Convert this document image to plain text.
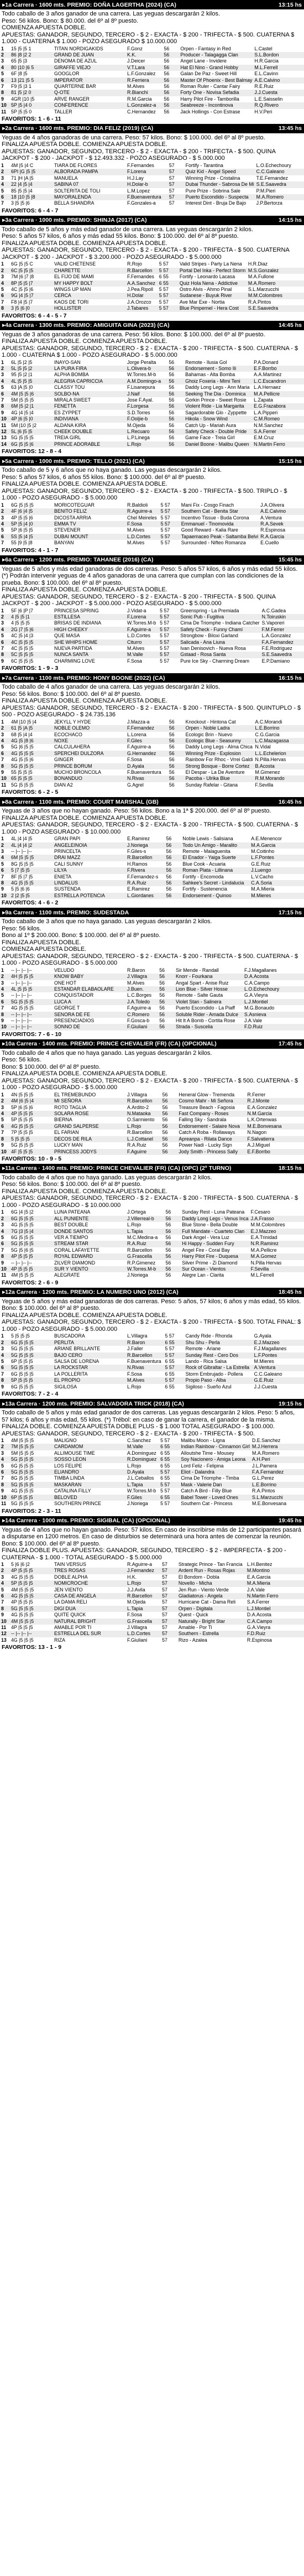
▸1a Carrera · 1600 mts. PREMIO: DOÑA LAGERTHA (2024) (CA)	13:15 hs

Todo caballo de 3 años ganador de una carrera. Las yeguas descargarán 2 kilos.

Peso: 56 kilos. Bono: $ 80.000. del 6º al 8º puesto.

COMIENZA APUESTA DOBLE.

APUESTAS: GANADOR, SEGUNDO, TERCERO - $ 2 - EXACTA - $ 200 - TRIFECTA - $ 500. CUATERNA $ 1.000 - CUATERNA $ 1.000 - POZO ASEGURADO $ 10.000.000

1	15 |5 |5 1	TITAN NORDIGAKIDS	F.Gonz	56		Orpen - Fantasy in Red	L.Castel
2	86 |8 |2 2	GRAND DE JUAN	K.K.	56		Producer - Talagagga Clan	S.L.Bordon
3	65 |5 |3	DENOMA DE AZUL	J.Deicer	56		Angel Lane - Invidere	H.R.Garcia
4	80 |10 |6 5	GIRAFFE VIEJO	V.T.Lara	56		Hat El Nino - Grand Hobby	M.L.Ferrell
5	6F |8 |5	GOOGLOR	L.F.Gonzalez	56		Galan De Paz - Sweet Hill	E.L.Cavinn
6	13 |21 |5 5	IMPERATOR	R.Ferriera	56		Master Of Phoenix - Best Balmay	A.E.Calvino
7	F9 |5 |3 1	QUARTERNE BAR	M.Alves	56		Roman Ruler - Cantar Fairy	R.E.Ruiz
8	81 |5 |2 0	Q-OTE	R.Bianchi	56		Forty One - Novisa Sefadia	J.J.Cuesta
9	4GR |10 |5	ARVE RANGER	R.M.Garcia	56		Harry Pilot Fire - Tamborilla	L.E.Saisselin
10	5P |5 |4 0	CONFERENCE	L.Gonzalez-a	56		Seabreeze - Incontinova	R.Q.Rivero
11	5P |5 |5 0	TALLER	C.Hernandez	56		Jack Hollings - Con Estrase	H.V.Peri
FAVORITOS: 1 - 6 - 11
▸2a Carrera · 1600 mts. PREMIO: DIA FELIZ (2019) (CA)	13:45 hs

Yeguas de 4 años ganadoras de una carrera. Peso: 57 kilos. Bono: $ 100.000. del 6º al 8º puesto.

FINALIZA APUESTA DOBLE. COMIENZA APUESTA DOBLE.

APUESTAS: GANADOR, SEGUNDO, TERCERO - $ 2 - EXACTA - $ 200 - TRIFECTA - $ 500. QUINA JACKPOT - $ 200 - JACKPOT - $ 12.493.332 - POZO ASEGURADO - $ 5.000.000

1	4M |5 |4 C	TIARA DE FLORES	F.Fernandes	57		Fortify - Tarantina	L.O.Echechoury
2	6PI |G |5 |5	ALBORADA PAMPA	F.Lorena	57		Quiz Kid - Angel Speed	C.C.Galeano
3	71 |H |A |5	MANUELA	H.J.Lay	57		Winning Prize - Cristalina	T.E.Fernandez
4	22 |4 |5 |4	SABINA 07	H.Dolar-b	57		Dubai Thunder - Sabrosa De Mi	S.E.Saavedra
5	85 |5 |5 |4	SOLTERITA DE TOLI	L.M.Lopez	57		Pure Prize - Sobrina Sale	P.M.Pieri
6	18 |10 |5 |8	MAYORALENDA	F.Buenaventura	57		Puerto Escondido - Suspecta	M.A.Romero
7	3 |5 |5 |6	BELLA SHANDRA	F.Gonzales-a	57		Interest Dint - Bruja De Bajo	J.P.Bertorza
FAVORITOS: 6 - 4 - 7
▸3a Carrera · 1000 mts. PREMIO: SHINJA (2017) (CA)	14:15 hs

Todo caballo de 5 años y más edad ganador de una carrera. Las yeguas descargarán 2 kilos.

Peso: 5 años 57 kilos, 6 años y más edad 55 kilos. Bono: $ 100.000. del 6º al 8º puesto.

FINALIZA APUESTA DOBLE. COMIENZA APUESTA DOBLE.

APUESTAS: GANADOR, SEGUNDO, TERCERO - $ 2 - EXACTA - $ 200 - TRIFECTA - $ 500. CUATERNA JACKPOT - $ 200 - JACKPOT - $ 3.200.000 - POZO ASEGURADO - $ 5.000.000

1	6G |5 |5 C	VALID CHETENSE	R.Rojo	5 57		Valid Stripes - Party La Nena	H.R.Diaz
2	6C |5 |5 |5	CHARETTE	R.Barcellon	5 57		Portal Del Inka - Perfect Storm	M.S.Gonzalez
3	7M |6 |7 |8	EL FIJO DE MAMI	F.Fernandes	6 55		Fortify - Leonardo Lacasa	M.A.Fullone
4	8P |5 |5 |7	MY HAPPY BOLT	A.A.Sanchez	6 55		Quiz Hola Nena - Addictive	M.A.Romero
5	4C |5 |5 |6	WINGS UP MAN	J.Pea.Ripoll	5 57		Ostro Alvis - Ahmo Pinal	S.L.Marzucchi
6	9G |4 |5 |7	CERCA	H.Dolar	5 57		Sudanese - Buyuk River	M.M.Colombres
7	F8 |4 |5 |7	KAOS DE TORI	J.A.Orozco	5 57		Ave Mar Exe - Nortia	R.A.Pintos
8	3 |5 |6 |0	HOLLISTER	J.Tabares	5 57		Blue Pimpernel - Hera Cost	S.E.Saavedra
FAVORITOS: 6 - 4 - 5 - 7
▸4a Carrera · 1300 mts. PREMIO: AMIGUITA GINA (2023) (CA)	14:45 hs

Yeguas de 3 años ganadoras de una carrera. Peso: 56 kilos. Bono: $ 100.000. del 6º al 8º puesto.

FINALIZA APUESTA DOBLE. COMIENZA APUESTA DOBLE.

APUESTAS: GANADOR, SEGUNDO, TERCERO - $ 2 - EXACTA - $ 200 - TRIFECTA - $ 500. CUATERNA - $ 1.000 - CUATERNA $ 1.000 - POZO ASEGURADO - $ 5.000.000

1	6L |5 |2 |5	INAYO-SAN	Jorge Peralta	56		Remote - Ilusia Gol	P.A.Donard
2	5L |5 |5 |2	LA PURA FIRA	L.Olivera-b	56		Endorsement - Somo Ili	E.F.Borrbo
3	95 |5 |2 |1	ALPHA BOMBA	W.Torres.M-b	56		Bahamas - Alta Bomba	A.A.Martinez
4	4L |5 |5 |5	ALEGRIA CAPRICCIA	A.M.Domingo-a	56		Ghoiz Foxeria - Mimi Teni	L.C.Escandron
5	63 |A |5 |0	CLASSY TOU	F.Lisanepura	56		Daddy Long Legs - Ann Maria	L.A.Hernaez
6	4M |5 |5 |6	SOLBO-NA	J.Naif	56		Seeking The Dia - Dominica	M.A.Pellicre
7	5M |5 |5 |5	MIRALA SWEET	Jose F.Ayal.	56		Gorkin Prince - Sweet Rosie	L.Zapata
8	6M |5 |2 |1	FENETTA	F.Lorgesa	56		Violent Ride - Lia Margarita	E.G.Frazabora
9	4G |4 |5 |4	ES ZYPPET	S.D.Torres	56		Sagardorable Glo - Zyppette	L.A.Pipperi
10	4P |6 |5 |0	INDIVIANA	F.Ooljie-b	56		Hikola - Snow Wind	C.M.Romeo
11	5M |10 |5 |2	ALDANA KIRA	M.Ojeda	56		Catch Up - Mariah Aura	N.M.Sanchez
12	5L |6 |5 |5	CHEEK DOUBLE	L.Recuaro	56		Safety Check - Double Pride	S.A.Ferrer
13	5G |5 |5 |5	TREIA GIRL	L.P.Linega	56		Game Face - Treia Girl	E.M.Cruz
14	6G |5 |5 |6	PRINCE ADORABLE	L.Rojo	56		Daniel Boone - Malibu Queen	N.Martin Ferro
FAVORITOS: 12 - 8 - 4
▸5a Carrera · 1000 mts. PREMIO: TELLO (2021) (CA)	15:15 hs

Todo caballo de 5 y 6 años que no haya ganado. Las yeguas descargarán 2 kilos.

Peso: 5 años 57 kilos, 6 años 55 kilos. Bono: $ 100.000. del 6º al 8º puesto.

FINALIZA APUESTA DOBLE. COMIENZA APUESTA DOBLE.

APUESTAS: GANADOR, SEGUNDO, TERCERO - $ 2 - EXACTA - $ 200 - TRIFECTA - $ 500. TRIPLO - $ 1.000 - POZO ASEGURADO - $ 5.000.000

1	6G |5 |5 |5	MORICOTEGUAR	R.Baldioli	5 57		Mani Fix - Cosgo Finach	J.A.Olivera
2	4F |6 |4 |5	BENITO FELIZ	R.Aguirre-a	5 57		Southern Cat - Benita Star	A.E.Calvino
3	4P |5 |5 |6	DICOSTA ARRIA	Chel Meireles	5 57		Incentivo Tissue - Buda Corona	A.Ventura
4	5P |5 |4 |0	EMMA TV	F.Sosa	5 57		Emmanuel - Tinomovida	R.A.Sevek
5	5P |6 |5 |5	STEVENER	M.Alves	5 57		Good Reward - Kalia Rare	R.Espinosa
6	5S |5 |4 |5	DUBAI MOUNT	L.D.Cortes	5 57		Tapaemaceo Peak - Saltamba Belvi	R.A.Garcia
7	55 |9 |5 |8	BANYAN	M.Alves	5 57		Surrounded - Nifteo Romanza	E.Cuello
FAVORITOS: 4 - 1 - 7
▸6a Carrera · 1200 mts. PREMIO: TAHANEE (2016) (CA)	15:45 hs

Yeguas de 5 años y más edad ganadoras de dos carreras. Peso: 5 años 57 kilos, 6 años y más edad 55 kilos.

(*) Podrán intervenir yeguas de 4 años ganadoras de una carrera que cumplan con las condiciones de la prueba. Bono: $ 100.000. del 6º al 8º puesto.

FINALIZA APUESTA DOBLE. COMIENZA APUESTA DOBLE.

APUESTAS: GANADOR, SEGUNDO, TERCERO - $ 2 - EXACTA - $ 200 - TRIFECTA - $ 500. QUINA JACKPOT - $ 200 - JACKPOT - $ 5.000.000 - POZO ASEGURADO - $ 5.000.000

1	5F |6 |P |7	PRINCESA SPRING	J.Vidat-a	5 57		Greenspring - La Premiada	A.C.Gadea
2	4 |5 |5 |1	ESTILLESA	F.Lorena	5 57		Sonic Pub - Fugitiva	N.Toiruskin
3	4 |5 |5 |5	BRISAS DE INDIANA	W.Torres.M-b	5 57		Cima De Triomphe - Indiana Catcher	S.Vaporeri
4	2G |7 |5 |6	HIGH CHEEKY	F.Aguirre-a	5 57		Safety Check - Funny Chamí	F.M.Ferrer
5	4C |5 |4 |3	QUE MASA	L.D.Cortes	5 57		Strongbow - Biloxi Garland	L.A.Gonzalez
6	4C |5 |5 |5	SHE WHIPS HOME	Citurro	5 57		Salicada - Ana Liuna	F.A.Fernandez
7	4C |5 |5 |5	NUEVA PARTIDA	M.Alves	5 57		Ivan Denisovich - Nueva Rosa	F.E.Rodriguez
8	5C |5 |5 |5	NUNCA SANTA	M.Valle	5 57		Gstaad - Rosa Santa	S.E.Saavedra
9	6C |5 |5 |5	CHARMING LOVE	F.Sosa	5 57		Pure Ice Sky - Charming Dream	E.P.Damiano
FAVORITOS: 1 - 9 - 3
▸7a Carrera · 1100 mts. PREMIO: HONY BOONE (2022) (CA)	16:15 hs

Todo caballo de 4 años ganador de una carrera. Las yeguas descargarán 2 kilos.

Peso: 56 kilos. Bono: $ 100.000. del 6º al 8º puesto.

FINALIZA APUESTA DOBLE. COMIENZA APUESTA DOBLE.

APUESTAS: GANADOR, SEGUNDO, TERCERO - $ 2 - EXACTA - $ 200 - TRIFECTA - $ 500. QUINTUPLO - $ 500 - POZO ASEGURADO - $ 24.735.136

1	4M |10 |5 |4	JEKYLL Y HYDE	J.Mazza-a	56		Knockout - Hintona Cat	A.C.Morandi
2	61 |5 |A |5	NOBLE OLEMO	F.Fernandez	56		Orpen - Noble Ladra	L.E.Borrino
3	68 |5 |4 |4	ECOCHACO	L.Lorena	56		Ecologic Brin - Nuevo	C.G.Garcia
4	4G |5 |8 |6	NOXE	F.Giles	56		Ecologic Blue - Seasunny	L.C.Mazagassa
5	5G |6 |5 |5	CALCULAHERA	F.Aguirre-a	56		Daddy Long Legs - Alma Chica	N.Vidal
6	4G |5 |5 |5	SPERCHEI DULZORA	G.Hernandez	56		Winning Prize - Explosion	L.L.Echelerion
7	4G |5 |5 |6	GINGER	F.Sosa	56		Rainbow For Rhoc - Vrrei Galdi	N.Pilla.Hervas
8	5G |5 |5 |5	PRINCE BORUM	D.Ayala	56		Strong Bosque - Borre Cortez	B.Acosta
9	55 |5 |5 |5	MUCHO BRONCOLA	F.Buenaventura	56		El Despar - La De Aventure	M.Gimenez
10	65 |5 |5 |5	BONANDUO	N.Rivas	56		Pacoba - Ulrika Blue	R.M.Morando
11	5G |5 |5 |5	DIAN A2	G.Agrel	56		Sunday Rafelar - Gitana	F.Sevilla
FAVORITOS: 6 - 2 - 5
▸8a Carrera · 1100 mts. PREMIO: COURT MARSHAL (GB)	16:45 hs

Yeguas de 3 años que no hayan ganado. Peso: 56 kilos. Bono a la 1ª $ 200.000. del 6º al 8º puesto.

FINALIZA APUESTA DOBLE. COMIENZA APUESTA DOBLE.

APUESTAS: GANADOR, SEGUNDO, TERCERO - $ 2 - EXACTA - $ 200 - TRIFECTA - $ 500. CUATERNA - $ 1.000 - POZO ASEGURADO - $ 10.000.000

1	4L |4 |4 |5	GRAN PAPI	E.Ramirez	56		Noble Lewis - Salisiana	A.E.Menencor
2	4L |4 |4 |2	ANGELEINOIA	J.Noriega	56		Todo Un Amigo - Maralito	M.A.Garcia
3	-- |-- |-- |--	PRINCELTA	F.Giles-s	56		Remote - Malaguenita	M.Coitinho
4	6M |5 |5 |5	DRAI MAZZ	R.Barcellon	56		El Enador - Yaiga Suerte	L.F.Pontes
5	8G |5 |5 |5	CALI SUNNY	H.Ramos	56		Blue Cook - Acuaria	G.E.Ruiz
6	5 |7 |5 |5	LILYA	F.Rivera	56		Roman Plata - Lillinana	J.Luengo
7	8F |5 |7 |5	ENIETA	F.Fernandez-s	56		Fortify - Encomoda	L.V.Cacho
8	4G |5 |5 |5	LINDALUS	R.A.Ruiz	56		Sahkee's Secret - Lindalucia	C.A.Soria
9	5 |5 |6 |6	SUSTENDA	E.Ramirez	56		Fortify - Sustenencia	M.A.Mieria
10	2 |2 |5 |5	ESTRELLA POTENCIA	L.Giordanes	56		Endorsement - Quinoo	M.Mieres
FAVORITOS: 4 - 6 - 2
▸9a Carrera · 1100 mts. PREMIO: SUDESTADA	17:15 hs

Todo caballo de 3 años que no haya ganado. Las yeguas descargarán 2 kilos.

Peso: 56 kilos.

Bono al 1º $ 200.000. Bono: $ 100.000. del 6º al 8º puesto.

FINALIZA APUESTA DOBLE.

COMIENZA APUESTA DOBLE.

APUESTAS: GANADOR, SEGUNDO, TERCERO - $ 2 - EXACTA - $ 200 - TRIFECTA - $ 500. CUATERNA - $ 1.000 - POZO ASEGURADO - $ 5.000.000

1	-- |-- |-- |--	VELUDO	R.Baron	56		Sir Mende - Randall	F.J.Magallanes
2	4H |5 |5 |5	KNOW BABY	J.Villagra	56		Knorr - Fourkana	D.A.Acosta
3	-- |-- |-- |--	ONE HOT	M.Alves	56		Angal Spart - Anise Ruiz	C.A.Campo
4	4L |5 |5 |5	ESTANDAR ELABAOLARE	J.Buen.	56		Lion Blue - Silver Hosse	L.O.Echechoury
5	-- |-- |-- |--	CONQUISTADOR	L.C.Borges	56		Remote - Salte Gauta	G.A.Vieyra
6	5G |5 |5 |5	LUCA A	J.A.Toledo	56		Violet Stan - Salinera	L.J.Montiel
7	4G |5 |5 |5	GEORGE T	F.Aguirre-a	56		Puerto Escondido - La Piaff	M.G.Bonaudo
8	-- |-- |-- |--	SENORA DE FE	C.Romero	56		Soluble Rider - Amada Dulce	S.Asnieva
9	-- |-- |-- |--	PRESENCIADIOS	F.Gosca-b	56		Hit It A Bomb - Cortita Rose	J.A.Vale
10	-- |-- |-- |--	SONNO DE	F.Giuliani	56		Strada - Suscelia	F.D.Ruiz
FAVORITOS: 7 - 6 - 10
▸10a Carrera · 1400 mts. PREMIO: PRINCE CHEVALIER (FR) (CA) (OPCIONAL)	17:45 hs

Todo caballo de 4 años que no haya ganado. Las yeguas descargarán 2 kilos.

Peso: 56 kilos.

Bono: $ 100.000. del 6º al 8º puesto.

FINALIZA APUESTA DOBLE. COMIENZA APUESTA DOBLE.

APUESTAS: GANADOR, SEGUNDO, TERCERO - $ 2 - EXACTA - $ 200 - TRIFECTA - $ 500. CUATERNA - $ 1.000 - POZO ASEGURADO - $ 5.000.000

1	4N |5 |5 |5	EL TREMEBUNDO	J.Villagra	56		Heneral Glow - Tremenda	R.Ferrer
2	4M |6 |5 |4	MI SEÑORA	R.Barcellon	56		Cosmo Mahr - Mi Señora	R.J.Monte
3	5P |6 |5 |6	ROTO TAGLIA	A.Ardito-2	56		Treasure Beach - Fagosia	E.A.Gonzalez
4	4P |5 |5 |5	SOLARA ROSE	N.Mataoka	56		Fast Company - Roses	N.M.Garcia
5	5P |5 |5 |5	BIERNA	O.Sarmiento	56		Falling Sky - Sandrala	L.K.Ortenwas
6	4G |5 |5 |5	GRAND SALPERSE	L.Rojo	56		Endorsement - Salaire Nova	M.E.Bonvesana
7	7P |5 |5 |5	EL FARIAN	R.Barcellon	56		Catch A Roba - Rollaways	N.Nagon
8	5 |5 |5 |5	DECOS DE RILA	L.J.Cottanel	56		Apreanpa - Rilata Dance	F.Salvatierra
9	5G |5 |5 |5	LUCKY MAN	R.A.Ruiz	56		Power Nadi - Lucky Sign	A.J.Miguel
10	4F |5 |5 |5	PRINCESS JODYS	F.Aguirre	56		Jody Smith - Princess Sally	E.F.Borrbo
FAVORITOS: 10 - 9 - 5
▸11a Carrera · 1400 mts. PREMIO: PRINCE CHEVALIER (FR) (CA) (OPC) (2º TURNO)	18:15 hs

Todo caballo de 4 años que no haya ganado. Las yeguas descargarán 2 kilos.

Peso: 56 kilos. Bono: $ 100.000. del 6º al 8º puesto.

FINALIZA APUESTA DOBLE. COMIENZA APUESTA DOBLE.

APUESTAS: GANADOR, SEGUNDO, TERCERO - $ 2 - EXACTA - $ 200 - TRIFECTA - $ 500. CUATERNA - $ 1.000 - POZO ASEGURADO - $ 10.000.000

1	6G |4 |5 |2	LUNA PATEANA	J.Ortega	56		Sunday Rest - Luna Pateana	F.Cesaro
2	6G |5 |5 |5	ALL PUNIENTE	J.Villerreal-b	56		Daddy Long Legs - Venus Inca	J.A.Frasso
3	4G |5 |5 |5	BEST DOUBLE	L.Rojo	56		Blue Stone - Bella Double	M.M.Colombres
4	7G |3 |5 |4	DONDE SANTOS	L.Tapia	56		Full Mandate - Cuarteto Clan	E.J.Mazzeo
5	6G |5 |5 |5	VER A TIEMPO	M.C.Medina-a	56		Dark Angel - Vera Luz	E.A.Trinidad
6	5G |5 |5 |5	STREAM STAR	R.A.Ruiz	56		Hi Happy - Sudden Fury	N.R.Ramirez
7	5G |5 |6 |5	CORAL LAFAYETTE	R.Barcellon	56		Angel Fire - Coral Bay	M.A.Pellicre
8	4P |5 |5 |5	ROYAL EDWARD	G.Frascella	56		Harry Pilot Fire - Duquesa	M.A.Gomez
9	-- |-- |-- |--	ZILVER DIAMOND	R.P.Gimenez	56		Silver Prime - Zi Diamond	N.Pilla Hervas
10	4P |5 |5 |5	SUR Y VIENTO	W.Torres.M-b	56		Sur Ocean - Vientos	F.Sevilla
11	4M |5 |5 |5	ALEGRATE	J.Noriega	56		Alegre Lan - Clarita	M.L.Ferrell
FAVORITOS: 2 - 6 - 9
▸12a Carrera · 1200 mts. PREMIO: LA NUMERO UNO (2012) (CA)	18:45 hs

Yeguas de 5 años y más edad ganadoras de dos carreras. Peso: 5 años, 57 kilos; 6 años y más edad, 55 kilos.

Bono: $ 100.000. del 6º al 8º puesto.

FINALIZA APUESTA DOBLE. COMIENZA APUESTA DOBLE.

APUESTAS: GANADOR, SEGUNDO, TERCERO - $ 2 - EXACTA - $ 200 - TRIFECTA - $ 500. TOTAL FINAL: $ 1.000 - POZO ASEGURADO - $ 5.000.000

1	5 |5 |5 |5	BUSCADORA	L.Villagra	5 57		Candy Ride - Rhonda	G.Ayala
2	6G |5 |5 |5	PERLITA	R.Baron	6 55		Shu Shu - Perla	E.J.Mazzeo
3	5G |5 |5 |5	ARIANE BRILLANTE	J.Faller	5 57		Remote - Ariane	F.J.Magallanes
4	5G |5 |5 |5	BAJO CERO	R.Barcellon	5 57		Sunday Rest - Cero Dos	L.F.Pontes
5	6P |5 |5 |5	SALSA DE LORENA	F.Buenaventura	6 55		Lando - Rica Salsa	M.Mieres
6	5G |5 |5 |5	LA ROCKSTAR	N.Rivas	5 57		Rock of Gibraltar - La Estrella	A.Ventura
7	6G |5 |5 |5	LA POLLERITA	F.Sosa	6 55		Storm Embrujado - Pollera	C.C.Galeano
8	5P |5 |5 |5	EL PROPIO	M.Alves	5 57		Propio Paso - Alba	G.E.Ruiz
9	6G |5 |5 |5	SIGILOSA	L.Rojo	6 55		Sigiloso - Sueño Azul	J.J.Cuesta
FAVORITOS: 7 - 2 - 4
▸13a Carrera · 1200 mts. PREMIO: SALVADORA TRICK (2018) (CA)	19:15 hs

Todo caballo de 5 años y más edad ganador de dos carreras. Las yeguas descargarán 2 kilos. Peso: 5 años, 57 kilos; 6 años y más edad, 55 kilos. (*) Trébol: en caso de ganar la carrera, el ganador de la misma.

FINALIZA DOBLE. COMIENZA APUESTA DOBLE PLUS - $ 1.000 TOTAL ASEGURADO - $ 100.000. APUESTAS: GANADOR, SEGUNDO, TERCERO - $ 2 - EXACTA - $ 200 - TRIFECTA - $ 500.

1	4M |5 |5 |5	MALIGNO	C.Sanchez	5 57		Malibu Moon - Ligna	D.E.Sanchez
2	7M |5 |5 |5	CARDAMOM	M.Valle	6 55		Indian Rainbow - Cinnamon Girl	M.J.Herrera
3	5M |5 |5 |5	ALLIMOUSE TIME	A.Dominguez	6 55		Alloutshe Time - Mousey	M.A.Romero
4	5G |5 |5 |5	SOSSO LEON	R.Dominguez	6 55		Soy Nacionero - Amiga Leona	A.H.Peri
5	6G |5 |5 |5	LOS FELIPE	L.Rojo	6 55		Lord Feliz - Felipina	J.L.Pamera
6	5G |5 |5 |5	ELIANDRO	D.Ayala	5 57		Eliot - Dalandra	F.A.Fernandez
7	8G |5 |5 |5	TIMBA LINDA	J.L.Ceballos	6 55		Cima De Triomphe - Timba	G.L.Perez
8	5G |5 |5 |5	MASKARAN	L.Tapia	5 57		Mask - Valerie Dan	L.E.Borrino
9	4G |5 |5 |5	CATALINA FILLY	W.Torres.M-b	5 57		Catch A Bird - Filly Blue	R.A.Pintos
10	6P |5 |5 |5	BELOVED	F.Giles	6 55		Babel Tower - Loved Ones	S.L.Marzucchi
11	5G |5 |5 |5	SOUTHERN PRINCE	J.Noriega	5 57		Southern Cat - Princess	M.E.Bonvesana
FAVORITOS: 2 - 3 - 11
▸14a Carrera · 1000 mts. PREMIO: SIGIBAL (CA) (OPCIONAL)	19:45 hs

Yeguas de 4 años que no hayan ganado. Peso: 57 kilos. En caso de inscribirse más de 12 participantes pasará a disputarse en 1200 metros. En caso de disturbios se determinará una hora antes de comenzar la reunión. Bono: $ 100.000. del 6º al 8º puesto.

FINALIZA DOBLE PLUS. APUESTAS: GANADOR, SEGUNDO, TERCERO - $ 2 - IMPERFECTA - $ 200 - CUATERNA - $ 1.000 - TOTAL ASEGURADO - $ 5.000.000

1	5 |6 |6 |2	TAIN VERSUS	R.Aguirre-a	57		Strategic Prince - Tan Francia	L.H.Benitez
2	4P |5 |5 |5	TRES ROSAS	J.Fernandez	57		Ardent Run - Rosas Rojas	M.Montino
3	4G |5 |5 |5	DOBLE ALPHA	H.K.	57		El Bondom - Dobla	E.A.Garcia
4	5P |5 |5 |5	NOMICROCHE	L.Rojo	57		Novello - Micha	M.A.Mieria
5	4M |5 |5 |5	JEN VIENTO	J.J.Avila	57		Jen Run - Viento Verde	J.A.Vale
6	4G |5 |5 |5	CASA DE ANGELA	R.Barcellon	57		Gladiatorus - Angela	N.Martin Ferro
7	4P |5 |5 |5	LA DAMA RELI	M.Ojeda	57		Hurricane Cat - Dama Reli	S.A.Ferrer
8	5G |5 |5 |5	DIGI DUA	L.Tapia	57		Orpen - Digitala	L.J.Montiel
9	4G |5 |5 |5	QUITE QUICK	F.Sosa	57		Quest - Quick	D.A.Acosta
10	4M |5 |5 |5	NATURAL BRIGHT	G.Frascella	57		Naturally - Bright Star	C.A.Campo
11	4P |5 |5 |5	AMABLE POR TI	J.Villagra	57		Amable - Por Ti	G.A.Vieyra
12	-- |-- |-- |--	ESTRELLA DEL SUR	L.D.Cortes	57		Southern - Estrella	F.D.Ruiz
13	4G |5 |5 |5	RIZA	F.Giuliani	57		Rizo - Azalea	R.Espinosa
FAVORITOS: 13 - 1 - 9
